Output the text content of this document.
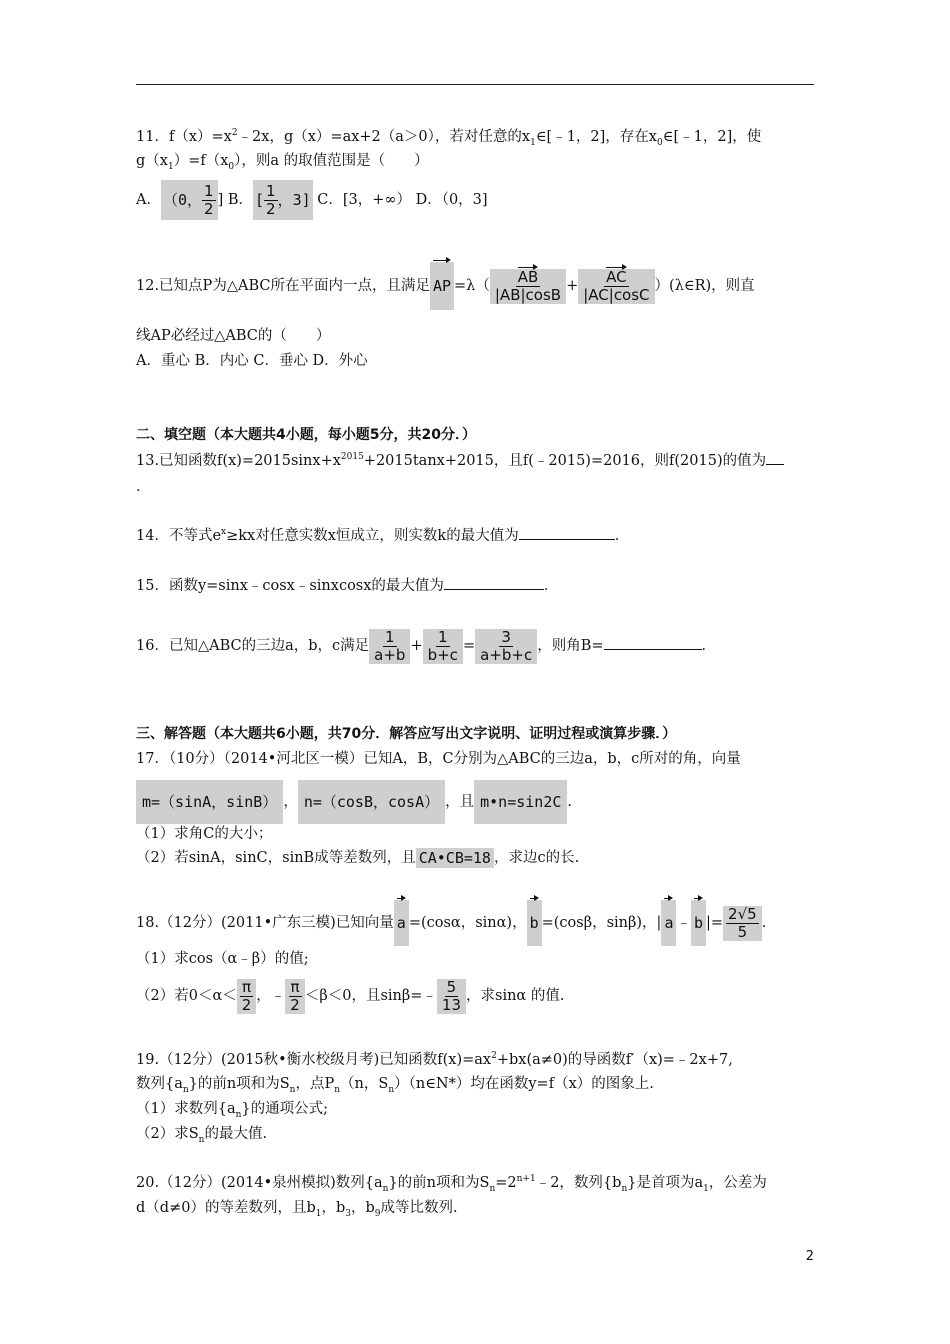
11．$f(x)=x^2﹣2x$，g（x）=ax+2（a＞0），若对任意的$x_1\in[﹣1$，2]，存在$x_0\in[﹣1$，2]，使
$g(x_1)=f(x_0)$，则a 的取值范围是（　　）
A． （0， $\frac{1}{2}$ ] B． [ $\frac{1}{2}$ ，3] C．[3，+∞） D．（0，3]
12.已知点P为△ABC所在平面内一点，且满足 AP $=\lambda( \frac{AB}{|AB|\cos B} + \frac{AC}{|AC|\cos C}$ ）(λ∈R)，则直
线AP必经过△ABC的（　　）
A．重心 B．内心 C．垂心 D．外心
二、填空题（本大题共4小题，每小题5分，共20分．）
13.已知函数$f(x)=2015\sin x+x^{2015}+2015\tan x+2015$，且f(﹣2015)=2016，则f(2015)的值为
．
14．不等式$e^x\ge kx$对任意实数x恒成立，则实数k的最大值为	．
15．函数y=sinx﹣cosx﹣sinxcosx的最大值为	．
16．已知△ABC的三边a，b，c满足 $\frac{1}{a+b} + \frac{1}{b+c} = \frac{3}{a+b+c}$ ，则角B=	．
三、解答题（本大题共6小题，共70分．解答应写出文字说明、证明过程或演算步骤．）
17．（10分）（2014•河北区一模）已知A，B，C分别为△ABC的三边a，b，c所对的角，向量
m=（sinA，sinB） ， n=（cosB，cosA） ，且 m•n=sin2C .
（1）求角C的大小；
（2）若sinA，sinC，sinB成等差数列，且 CA•CB=18 ，求边c的长.
18.（12分）(2011•广东三模)已知向量 a =(cosα，sinα)， b =(cosβ，sinβ)，| a ﹣ b |= $\frac{2√5}{5}$ .
（1）求cos（α﹣β）的值;
（2）若$0<\alpha< \frac{\pi}{2}$ ，﹣ $\frac{\pi}{2} <\beta<0$，且sinβ=﹣ $\frac{5}{13}$ ，求sinα 的值.
19.（12分）(2015秋•衡水校级月考)已知函数$f(x)=ax^2+bx(a\ne 0)$的导函数f′（x)=﹣2x+7,
数列$\{a_n\}$的前n项和为$S_n$，点$P_n(n$，$S_n)(n\in N*)$均在函数y=f（x）的图象上.
（1）求数列$\{a_n\}$的通项公式;
（2）求$S_n$的最大值.
20.（12分）(2014•泉州模拟)数列$\{a_n\}$的前n项和为$S_n=2^{n+1}﹣2$，数列$\{b_n\}$是首项为$a_1$，公差为
d（d≠0）的等差数列，且$b_1$，$b_3$，$b_9$成等比数列.
2
